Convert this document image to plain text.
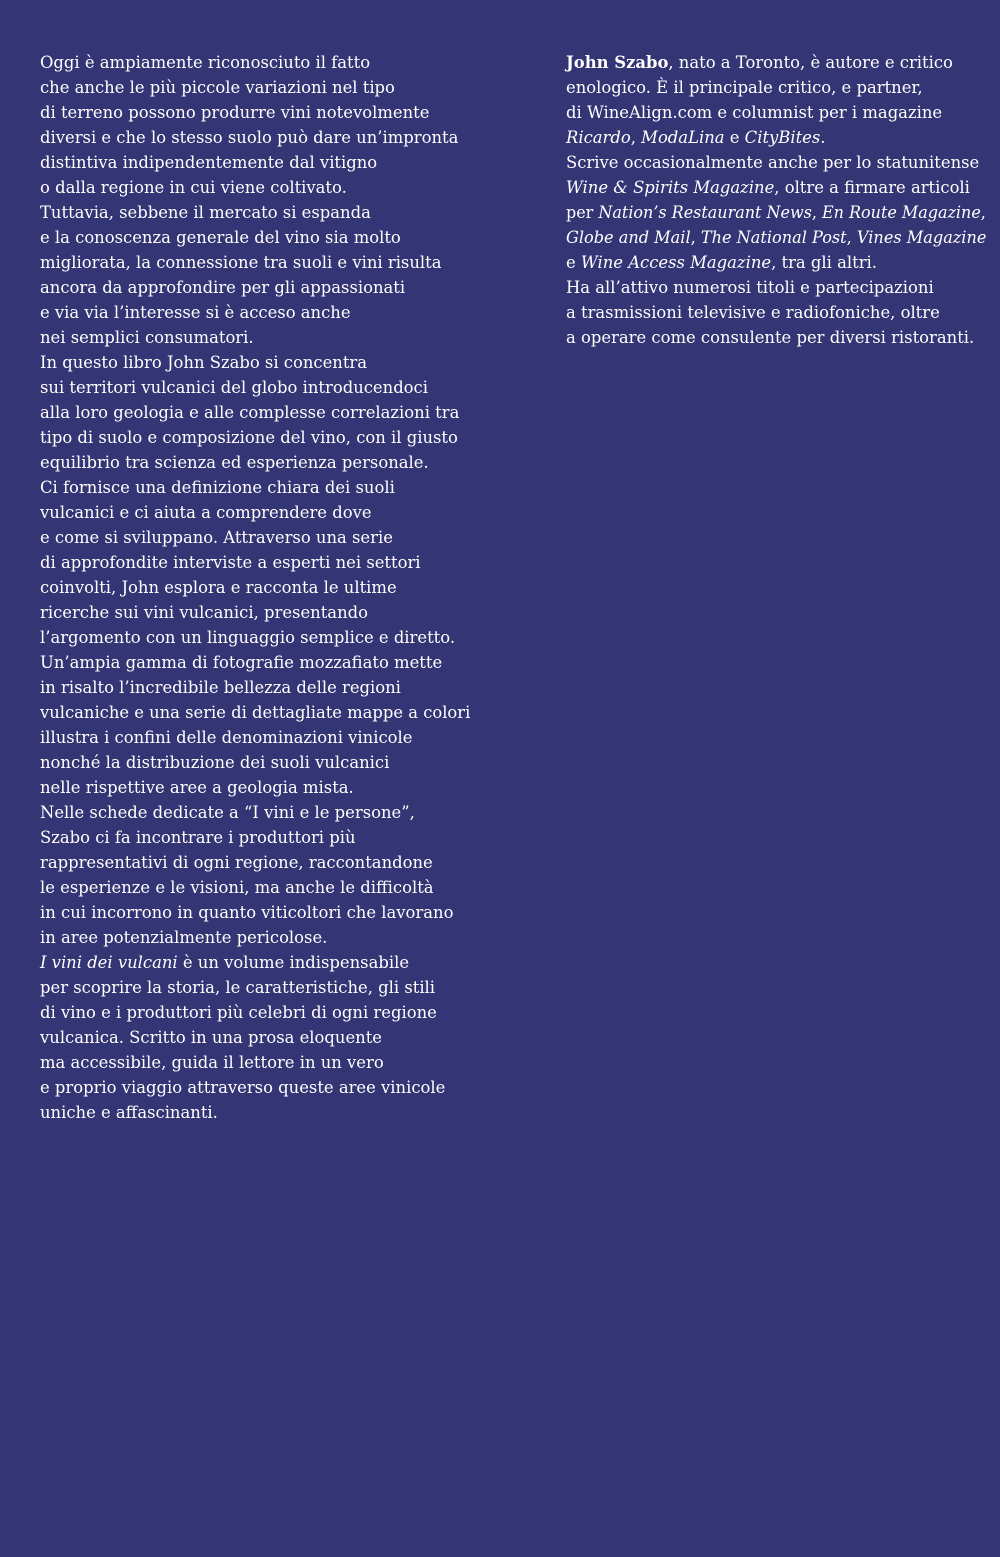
Oggi è ampiamente riconosciuto il fatto
che anche le più piccole variazioni nel tipo
di terreno possono produrre vini notevolmente
diversi e che lo stesso suolo può dare un’impronta
distintiva indipendentemente dal vitigno
o dalla regione in cui viene coltivato.
Tuttavia, sebbene il mercato si espanda
e la conoscenza generale del vino sia molto
migliorata, la connessione tra suoli e vini risulta
ancora da approfondire per gli appassionati
e via via l’interesse si è acceso anche
nei semplici consumatori.
In questo libro John Szabo si concentra
sui territori vulcanici del globo introducendoci
alla loro geologia e alle complesse correlazioni tra
tipo di suolo e composizione del vino, con il giusto
equilibrio tra scienza ed esperienza personale.
Ci fornisce una definizione chiara dei suoli
vulcanici e ci aiuta a comprendere dove
e come si sviluppano. Attraverso una serie
di approfondite interviste a esperti nei settori
coinvolti, John esplora e racconta le ultime
ricerche sui vini vulcanici, presentando
l’argomento con un linguaggio semplice e diretto.
Un’ampia gamma di fotografie mozzafiato mette
in risalto l’incredibile bellezza delle regioni
vulcaniche e una serie di dettagliate mappe a colori
illustra i confini delle denominazioni vinicole
nonché la distribuzione dei suoli vulcanici
nelle rispettive aree a geologia mista.
Nelle schede dedicate a “I vini e le persone”,
Szabo ci fa incontrare i produttori più
rappresentativi di ogni regione, raccontandone
le esperienze e le visioni, ma anche le difficoltà
in cui incorrono in quanto viticoltori che lavorano
in aree potenzialmente pericolose.
I vini dei vulcani è un volume indispensabile
per scoprire la storia, le caratteristiche, gli stili
di vino e i produttori più celebri di ogni regione
vulcanica. Scritto in una prosa eloquente
ma accessibile, guida il lettore in un vero
e proprio viaggio attraverso queste aree vinicole
uniche e affascinanti.
John Szabo, nato a Toronto, è autore e critico
enologico. È il principale critico, e partner,
di WineAlign.com e columnist per i magazine
Ricardo, ModaLina e CityBites.
Scrive occasionalmente anche per lo statunitense
Wine & Spirits Magazine, oltre a firmare articoli
per Nation’s Restaurant News, En Route Magazine,
Globe and Mail, The National Post, Vines Magazine
e Wine Access Magazine, tra gli altri.
Ha all’attivo numerosi titoli e partecipazioni
a trasmissioni televisive e radiofoniche, oltre
a operare come consulente per diversi ristoranti.
